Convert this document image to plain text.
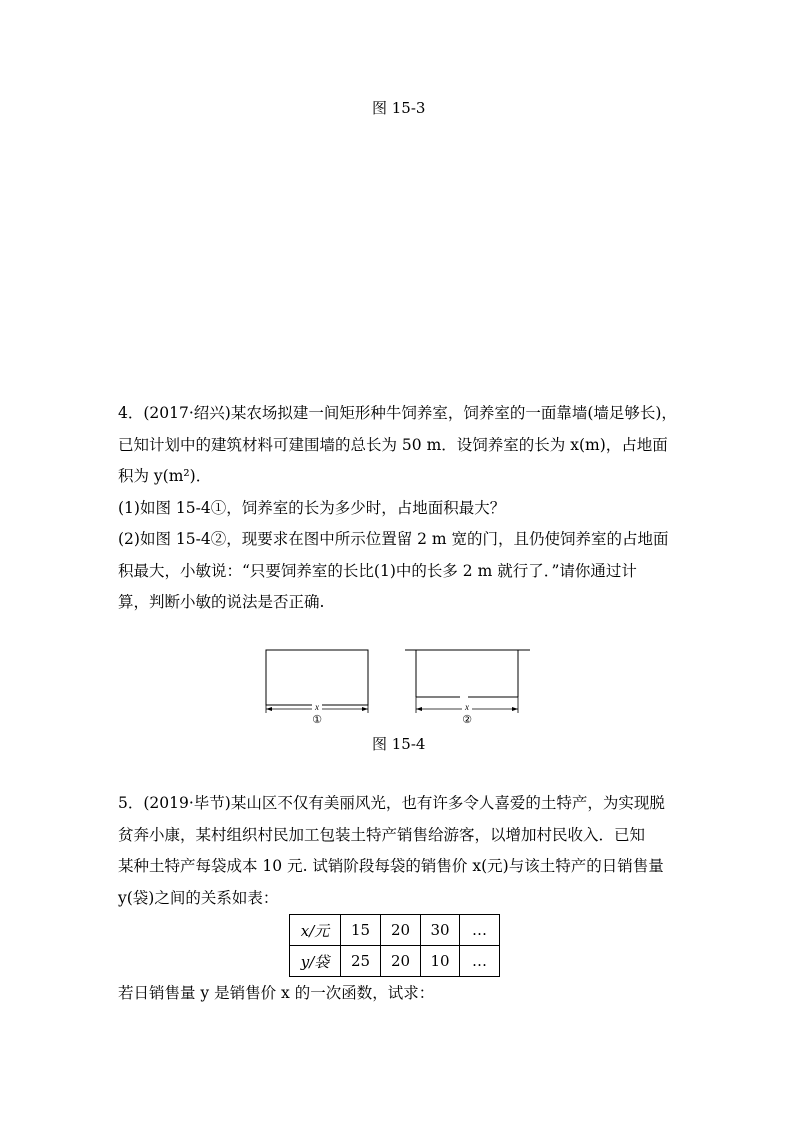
图 15-3
4．(2017·绍兴)某农场拟建一间矩形种牛饲养室，饲养室的一面靠墙(墙足够长)，
已知计划中的建筑材料可建围墙的总长为 50 m．设饲养室的长为 x(m)，占地面
积为 y(m²)．
(1)如图 15-4①，饲养室的长为多少时，占地面积最大？
(2)如图 15-4②，现要求在图中所示位置留 2 m 宽的门，且仍使饲养室的占地面
积最大，小敏说：“只要饲养室的长比(1)中的长多 2 m 就行了．”请你通过计
算，判断小敏的说法是否正确.
x
①
x
②
图 15-4
5．(2019·毕节)某山区不仅有美丽风光，也有许多令人喜爱的土特产，为实现脱
贫奔小康，某村组织村民加工包装土特产销售给游客，以增加村民收入．已知
某种土特产每袋成本 10 元. 试销阶段每袋的销售价 x(元)与该土特产的日销售量
y(袋)之间的关系如表：
x/元	15	20	30	…
y/袋	25	20	10	…
若日销售量 y 是销售价 x 的一次函数，试求：
